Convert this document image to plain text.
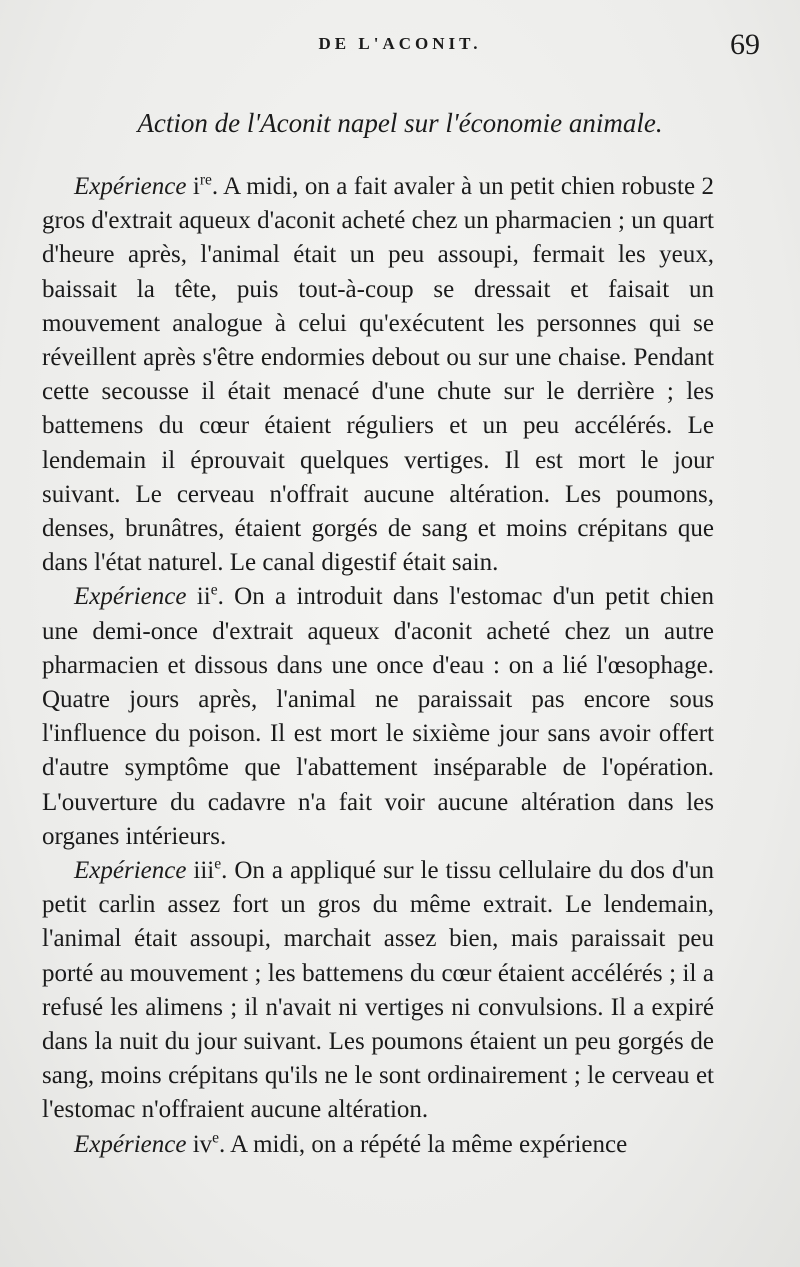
DE L'ACONIT.	69
Action de l'Aconit napel sur l'économie animale.

Expérience $i^{re}$. A midi, on a fait avaler à un petit chien robuste 2 gros d'extrait aqueux d'aconit acheté chez un pharmacien ; un quart d'heure après, l'animal était un peu assoupi, fermait les yeux, baissait la tête, puis tout-à-coup se dressait et faisait un mouvement analogue à celui qu'exécutent les personnes qui se réveillent après s'être endormies debout ou sur une chaise. Pendant cette secousse il était menacé d'une chute sur le derrière ; les battemens du cœur étaient réguliers et un peu accélérés. Le lendemain il éprouvait quelques vertiges. Il est mort le jour suivant. Le cerveau n'offrait aucune altération. Les poumons, denses, brunâtres, étaient gorgés de sang et moins crépitans que dans l'état naturel. Le canal digestif était sain.

Expérience $ii^e$. On a introduit dans l'estomac d'un petit chien une demi-once d'extrait aqueux d'aconit acheté chez un autre pharmacien et dissous dans une once d'eau : on a lié l'œsophage. Quatre jours après, l'animal ne paraissait pas encore sous l'influence du poison. Il est mort le sixième jour sans avoir offert d'autre symptôme que l'abattement inséparable de l'opération. L'ouverture du cadavre n'a fait voir aucune altération dans les organes intérieurs.

Expérience iii$^e$. On a appliqué sur le tissu cellulaire du dos d'un petit carlin assez fort un gros du même extrait. Le lendemain, l'animal était assoupi, marchait assez bien, mais paraissait peu porté au mouvement ; les battemens du cœur étaient accélérés ; il a refusé les alimens ; il n'avait ni vertiges ni convulsions. Il a expiré dans la nuit du jour suivant. Les poumons étaient un peu gorgés de sang, moins crépitans qu'ils ne le sont ordinairement ; le cerveau et l'estomac n'offraient aucune altération.

Expérience $iv^e$. A midi, on a répété la même expérience
